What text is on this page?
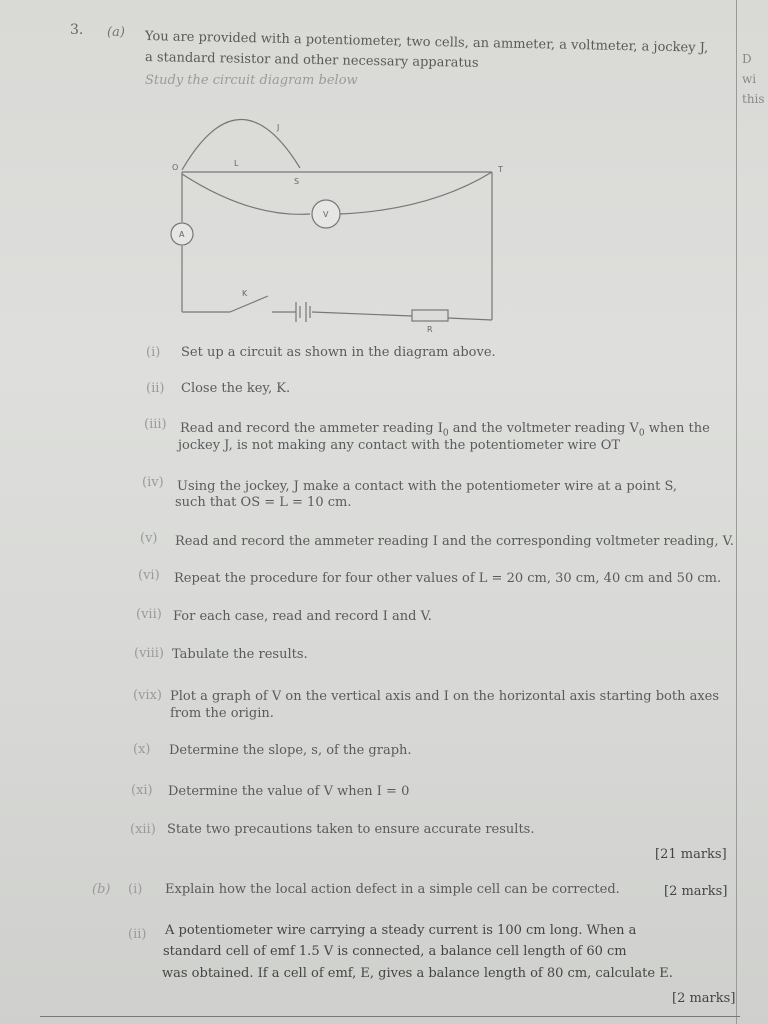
D
wi
this
3. (a) You are provided with a potentiometer, two cells, an ammeter, a voltmeter, a jockey J,
a standard resistor and other necessary apparatus
Study the circuit diagram below
A
V
O	T
S
J
L
K
R
(i) Set up a circuit as shown in the diagram above.
(ii) Close the key, K.
(iii) Read and record the ammeter reading $I_0$ and the voltmeter reading $V_0$ when the
jockey J, is not making any contact with the potentiometer wire OT
(iv) Using the jockey, J make a contact with the potentiometer wire at a point S,
such that OS = L = 10 cm.
(v) Read and record the ammeter reading I and the corresponding voltmeter reading, V.
(vi) Repeat the procedure for four other values of L = 20 cm, 30 cm, 40 cm and 50 cm.
(vii) For each case, read and record I and V.
(viii) Tabulate the results.
(vix) Plot a graph of V on the vertical axis and I on the horizontal axis starting both axes
from the origin.
(x) Determine the slope, s, of the graph.
(xi) Determine the value of V when I = 0
(xii) State two precautions taken to ensure accurate results.
[21 marks]
(b) (i) Explain how the local action defect in a simple cell can be corrected.	[2 marks]
(ii) A potentiometer wire carrying a steady current is 100 cm long. When a
standard cell of emf 1.5 V is connected, a balance cell length of 60 cm
was obtained. If a cell of emf, E, gives a balance length of 80 cm, calculate E.
[2 marks]
